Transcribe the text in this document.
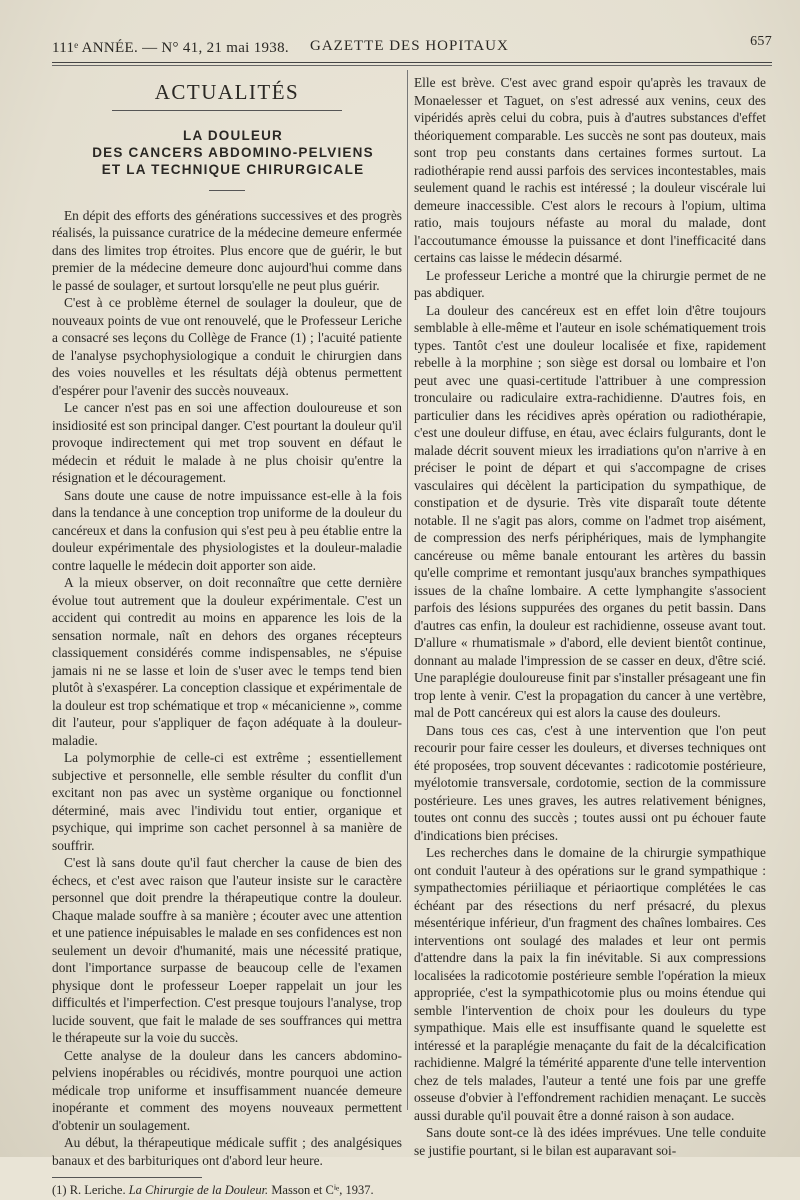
111ᵉ ANNÉE. — N° 41, 21 mai 1938. GAZETTE DES HOPITAUX	657
ACTUALITÉS

LA DOULEUR

DES CANCERS ABDOMINO-PELVIENS

ET LA TECHNIQUE CHIRURGICALE

En dépit des efforts des générations successives et des progrès réalisés, la puissance curatrice de la médecine demeure enfermée dans des limites trop étroites. Plus encore que de guérir, le but premier de la médecine demeure donc aujourd'hui comme dans le passé de soulager, et surtout lorsqu'elle ne peut plus guérir.

C'est à ce problème éternel de soulager la douleur, que de nouveaux points de vue ont renouvelé, que le Professeur Leriche a consacré ses leçons du Collège de France (1) ; l'acuité patiente de l'analyse psychophysiologique a conduit le chirurgien dans des voies nouvelles et les résultats déjà obtenus permettent d'espérer pour l'avenir des succès nouveaux.

Le cancer n'est pas en soi une affection douloureuse et son insidiosité est son principal danger. C'est pourtant la douleur qu'il provoque indirectement qui met trop souvent en défaut le médecin et réduit le malade à ne plus choisir qu'entre la résignation et le découragement.

Sans doute une cause de notre impuissance est-elle à la fois dans la tendance à une conception trop uniforme de la douleur du cancéreux et dans la confusion qui s'est peu à peu établie entre la douleur expérimentale des physiologistes et la douleur-maladie contre laquelle le médecin doit apporter son aide.

A la mieux observer, on doit reconnaître que cette dernière évolue tout autrement que la douleur expérimentale. C'est un accident qui contredit au moins en apparence les lois de la sensation normale, naît en dehors des organes récepteurs classiquement considérés comme indispensables, ne s'épuise jamais ni ne se lasse et loin de s'user avec le temps tend bien plutôt à s'exaspérer. La conception classique et expérimentale de la douleur est trop schématique et trop « mécanicienne », comme dit l'auteur, pour s'appliquer de façon adéquate à la douleur-maladie.

La polymorphie de celle-ci est extrême ; essentiellement subjective et personnelle, elle semble résulter du conflit d'un excitant non pas avec un système organique ou fonctionnel déterminé, mais avec l'individu tout entier, organique et psychique, qui imprime son cachet personnel à sa manière de souffrir.

C'est là sans doute qu'il faut chercher la cause de bien des échecs, et c'est avec raison que l'auteur insiste sur le caractère personnel que doit prendre la thérapeutique contre la douleur. Chaque malade souffre à sa manière ; écouter avec une attention et une patience inépuisables le malade en ses confidences est non seulement un devoir d'humanité, mais une nécessité pratique, dont l'importance surpasse de beaucoup celle de l'examen physique dont le professeur Loeper rappelait un jour les difficultés et l'imperfection. C'est presque toujours l'analyse, trop lucide souvent, que fait le malade de ses souffrances qui mettra le thérapeute sur la voie du succès.

Cette analyse de la douleur dans les cancers abdomino-pelviens inopérables ou récidivés, montre pourquoi une action médicale trop uniforme et insuffisamment nuancée demeure inopérante et comment des moyens nouveaux permettent d'obtenir un soulagement.

Au début, la thérapeutique médicale suffit ; des analgésiques banaux et des barbituriques ont d'abord leur heure.

(1) R. Leriche. La Chirurgie de la Douleur. Masson et Cⁱᵉ, 1937.

Elle est brève. C'est avec grand espoir qu'après les travaux de Monaelesser et Taguet, on s'est adressé aux venins, ceux des vipéridés après celui du cobra, puis à d'autres substances d'effet théoriquement comparable. Les succès ne sont pas douteux, mais sont trop peu constants dans certaines formes surtout. La radiothérapie rend aussi parfois des services incontestables, mais seulement quand le rachis est intéressé ; la douleur viscérale lui demeure inaccessible. C'est alors le recours à l'opium, ultima ratio, mais toujours néfaste au moral du malade, dont l'accoutumance émousse la puissance et dont l'inefficacité dans certains cas laisse le médecin désarmé.

Le professeur Leriche a montré que la chirurgie permet de ne pas abdiquer.

La douleur des cancéreux est en effet loin d'être toujours semblable à elle-même et l'auteur en isole schématiquement trois types. Tantôt c'est une douleur localisée et fixe, rapidement rebelle à la morphine ; son siège est dorsal ou lombaire et l'on peut avec une quasi-certitude l'attribuer à une compression tronculaire ou radiculaire extra-rachidienne. D'autres fois, en particulier dans les récidives après opération ou radiothérapie, c'est une douleur diffuse, en étau, avec éclairs fulgurants, dont le malade décrit souvent mieux les irradiations qu'on n'arrive à en préciser le point de départ et qui s'accompagne de crises vasculaires qui décèlent la participation du sympathique, de constipation et de dysurie. Très vite disparaît toute détente notable. Il ne s'agit pas alors, comme on l'admet trop aisément, de compression des nerfs périphériques, mais de lymphangite cancéreuse ou même banale entourant les artères du bassin qu'elle comprime et remontant jusqu'aux branches sympathiques issues de la chaîne lombaire. A cette lymphangite s'associent parfois des lésions suppurées des organes du petit bassin. Dans d'autres cas enfin, la douleur est rachidienne, osseuse avant tout. D'allure « rhumatismale » d'abord, elle devient bientôt continue, donnant au malade l'impression de se casser en deux, d'être scié. Une paraplégie douloureuse finit par s'installer présageant une fin trop lente à venir. C'est la propagation du cancer à une vertèbre, mal de Pott cancéreux qui est alors la cause des douleurs.

Dans tous ces cas, c'est à une intervention que l'on peut recourir pour faire cesser les douleurs, et diverses techniques ont été proposées, trop souvent décevantes : radicotomie postérieure, myélotomie transversale, cordotomie, section de la commissure postérieure. Les unes graves, les autres relativement bénignes, toutes ont connu des succès ; toutes aussi ont pu échouer faute d'indications bien précises.

Les recherches dans le domaine de la chirurgie sympathique ont conduit l'auteur à des opérations sur le grand sympathique : sympathectomies périiliaque et périaortique complétées le cas échéant par des résections du nerf présacré, du plexus mésentérique inférieur, d'un fragment des chaînes lombaires. Ces interventions ont soulagé des malades et leur ont permis d'attendre dans la paix la fin inévitable. Si aux compressions localisées la radicotomie postérieure semble l'opération la mieux appropriée, c'est la sympathicotomie plus ou moins étendue qui semble l'intervention de choix pour les douleurs du type sympathique. Mais elle est insuffisante quand le squelette est intéressé et la paraplégie menaçante du fait de la décalcification rachidienne. Malgré la témérité apparente d'une telle intervention chez de tels malades, l'auteur a tenté une fois par une greffe osseuse d'obvier à l'effondrement rachidien menaçant. Le succès aussi durable qu'il pouvait être a donné raison à son audace.

Sans doute sont-ce là des idées imprévues. Une telle conduite se justifie pourtant, si le bilan est auparavant soi-
